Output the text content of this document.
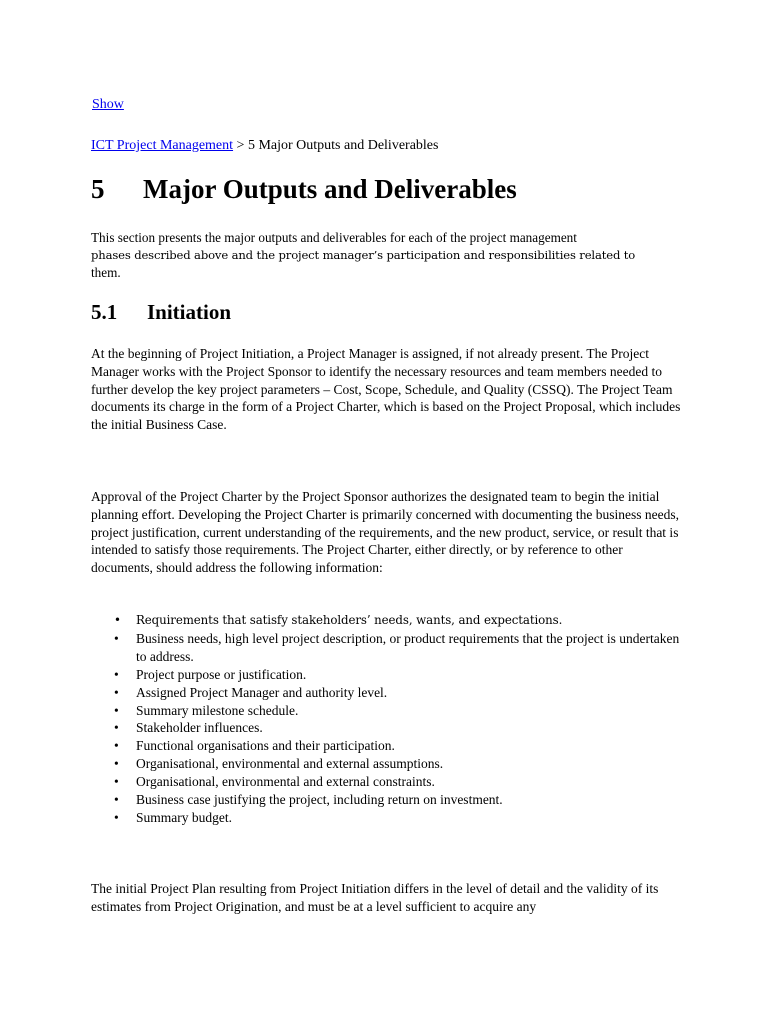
Show
ICT Project Management > 5 Major Outputs and Deliverables
5 Major Outputs and Deliverables

This section presents the major outputs and deliverables for each of the project management
phases described above and the project manager’s participation and responsibilities related to
them.

5.1 Initiation

At the beginning of Project Initiation, a Project Manager is assigned, if not already present. The Project Manager works with the Project Sponsor to identify the necessary resources and team members needed to further develop the key project parameters – Cost, Scope, Schedule, and Quality (CSSQ). The Project Team documents its charge in the form of a Project Charter, which is based on the Project Proposal, which includes the initial Business Case.

Approval of the Project Charter by the Project Sponsor authorizes the designated team to begin the initial planning effort. Developing the Project Charter is primarily concerned with documenting the business needs, project justification, current understanding of the requirements, and the new product, service, or result that is intended to satisfy those requirements. The Project Charter, either directly, or by reference to other documents, should address the following information:

• Requirements that satisfy stakeholders’ needs, wants, and expectations.
• Business needs, high level project description, or product requirements that the project is undertaken to address.
• Project purpose or justification.
• Assigned Project Manager and authority level.
• Summary milestone schedule.
• Stakeholder influences.
• Functional organisations and their participation.
• Organisational, environmental and external assumptions.
• Organisational, environmental and external constraints.
• Business case justifying the project, including return on investment.
• Summary budget.

The initial Project Plan resulting from Project Initiation differs in the level of detail and the validity of its estimates from Project Origination, and must be at a level sufficient to acquire any
